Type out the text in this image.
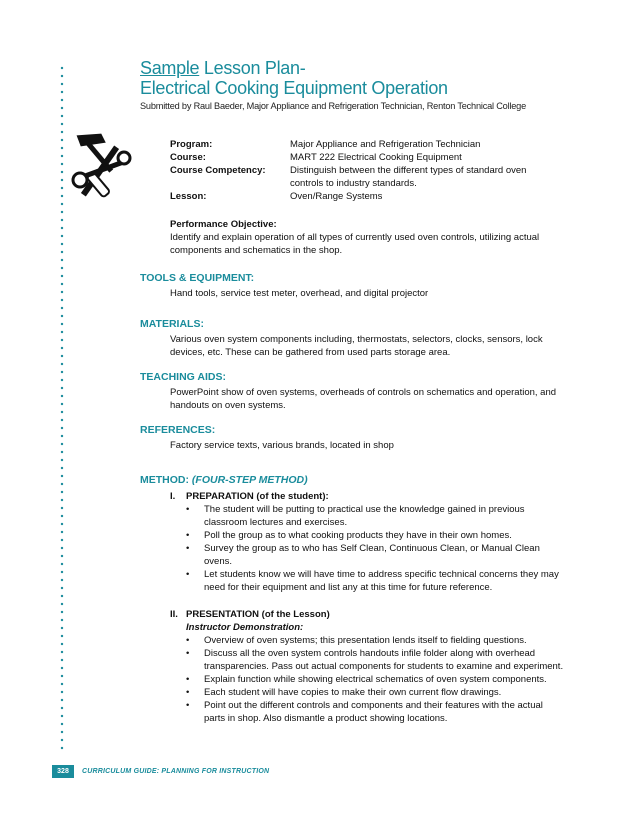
Sample Lesson Plan-
Electrical Cooking Equipment Operation
Submitted by Raul Baeder, Major Appliance and Refrigeration Technician, Renton Technical College
Program:	Major Appliance and Refrigeration Technician
Course:	MART 222 Electrical Cooking Equipment
Course Competency:	Distinguish between the different types of standard oven controls to industry standards.
Lesson:	Oven/Range Systems
Performance Objective:
Identify and explain operation of all types of currently used oven controls, utilizing actual components and schematics in the shop.
TOOLS & EQUIPMENT:
Hand tools, service test meter, overhead, and digital projector
MATERIALS:
Various oven system components including, thermostats, selectors, clocks, sensors, lock devices, etc. These can be gathered from used parts storage area.
TEACHING AIDS:
PowerPoint show of oven systems, overheads of controls on schematics and operation, and handouts on oven systems.
REFERENCES:
Factory service texts, various brands, located in shop
METHOD: (FOUR-STEP METHOD)
I.	PREPARATION (of the student):
•	The student will be putting to practical use the knowledge gained in previous classroom lectures and exercises.
•	Poll the group as to what cooking products they have in their own homes.
•	Survey the group as to who has Self Clean, Continuous Clean, or Manual Clean ovens.
•	Let students know we will have time to address specific technical concerns they may need for their equipment and list any at this time for future reference.
II. PRESENTATION (of the Lesson)
Instructor Demonstration:
•	Overview of oven systems; this presentation lends itself to fielding questions.
•	Discuss all the oven system controls handouts infile folder along with overhead transparencies. Pass out actual components for students to examine and experiment.
•	Explain function while showing electrical schematics of oven system components.
•	Each student will have copies to make their own current flow drawings.
•	Point out the different controls and components and their features with the actual parts in shop. Also dismantle a product showing locations.
328	CURRICULUM GUIDE: PLANNING FOR INSTRUCTION
